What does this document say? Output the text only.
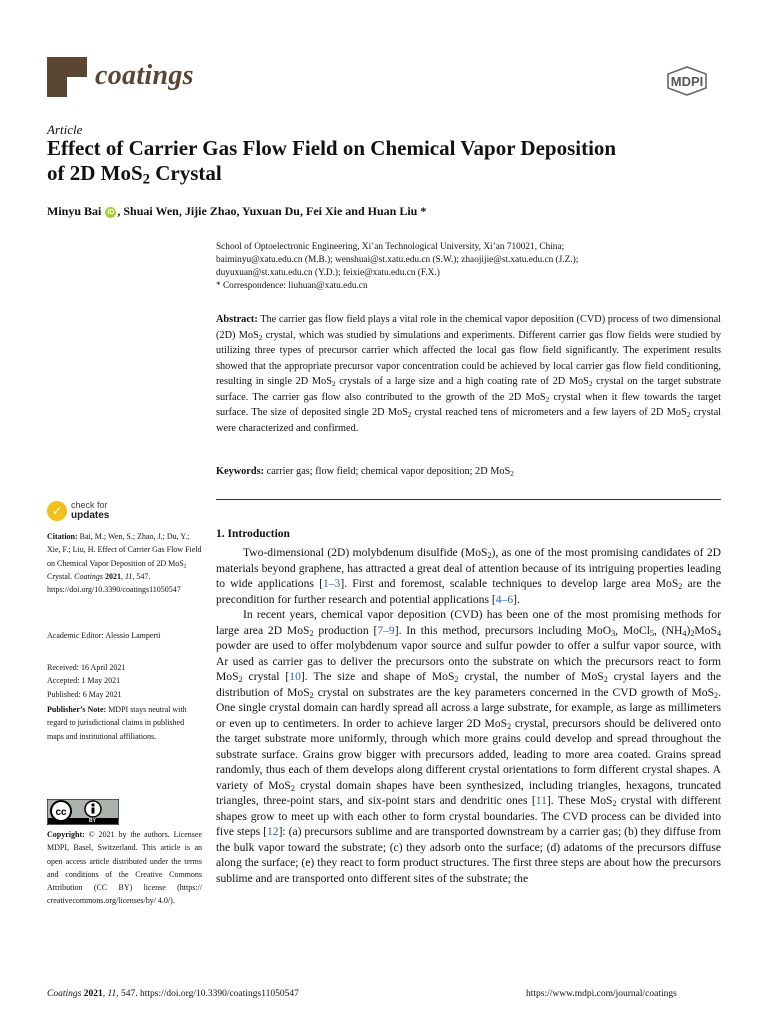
coatings	MDPI
Article
Effect of Carrier Gas Flow Field on Chemical Vapor Deposition
of 2D MoS$_2$ Crystal
Minyu Bai iD , Shuai Wen, Jijie Zhao, Yuxuan Du, Fei Xie and Huan Liu *
School of Optoelectronic Engineering, Xi’an Technological University, Xi’an 710021, China;
baiminyu@xatu.edu.cn (M.B.); wenshuai@st.xatu.edu.cn (S.W.); zhaojijie@st.xatu.edu.cn (J.Z.);
duyuxuan@st.xatu.edu.cn (Y.D.); feixie@xatu.edu.cn (F.X.)
* Correspondence: liuhuan@xatu.edu.cn
Abstract: The carrier gas flow field plays a vital role in the chemical vapor deposition (CVD) process of two dimensional (2D) MoS$_2$ crystal, which was studied by simulations and experiments. Different carrier gas flow fields were studied by utilizing three types of precursor carrier which affected the local gas flow field significantly. The experiment results showed that the appropriate precursor vapor concentration could be achieved by local carrier gas flow field conditioning, resulting in single 2D MoS$_2$ crystals of a large size and a high coating rate of 2D MoS$_2$ crystal on the target substrate surface. The carrier gas flow also contributed to the growth of the 2D MoS$_2$ crystal when it flew towards the target surface. The size of deposited single 2D MoS$_2$ crystal reached tens of micrometers and a few layers of 2D MoS$_2$ crystal were characterized and confirmed.
Keywords: carrier gas; flow field; chemical vapor deposition; 2D MoS$_2$
✓ check for
updates
Citation: Bai, M.; Wen, S.; Zhao, J.; Du, Y.; Xie, F.; Liu, H. Effect of Carrier Gas Flow Field on Chemical Vapor Deposition of 2D MoS$_2$ Crystal. Coatings 2021, 11, 547. https://doi.org/10.3390/coatings11050547
Academic Editor: Alessio Lamperti
Received: 16 April 2021
Accepted: 1 May 2021
Published: 6 May 2021
Publisher’s Note: MDPI stays neutral with regard to jurisdictional claims in published maps and institutional affiliations.
cc
BY
Copyright: © 2021 by the authors. Licensee MDPI, Basel, Switzerland. This article is an open access article distributed under the terms and conditions of the Creative Commons Attribution (CC BY) license (https:// creativecommons.org/licenses/by/ 4.0/).
1. Introduction

Two-dimensional (2D) molybdenum disulfide (MoS$_2$), as one of the most promising candidates of 2D materials beyond graphene, has attracted a great deal of attention because of its intriguing properties leading to wide applications [1–3]. First and foremost, scalable techniques to develop large area MoS$_2$ are the precondition for further research and potential applications [4–6].

In recent years, chemical vapor deposition (CVD) has been one of the most promising methods for large area 2D MoS$_2$ production [7–9]. In this method, precursors including MoO$_3$, MoCl$_5$, $(NH_4)_2MoS_4$ powder are used to offer molybdenum vapor source and sulfur powder to offer a sulfur vapor source, with Ar used as carrier gas to deliver the precursors onto the substrate on which the precursors react to form MoS$_2$ crystal [10]. The size and shape of MoS$_2$ crystal, the number of MoS$_2$ crystal layers and the distribution of MoS$_2$ crystal on substrates are the key parameters concerned in the CVD growth of MoS$_2$. One single crystal domain can hardly spread all across a large substrate, for example, as large as millimeters or even up to centimeters. In order to achieve larger 2D MoS$_2$ crystal, precursors should be delivered onto the target substrate more uniformly, through which more grains could develop and spread throughout the substrate surface. Grains grow bigger with precursors added, leading to more area coated. Grains spread randomly, thus each of them develops along different crystal orientations to form different crystal shapes. A variety of MoS$_2$ crystal domain shapes have been synthesized, including triangles, hexagons, truncated triangles, three-point stars, and six-point stars and dendritic ones [11]. These MoS$_2$ crystal with different shapes grow to meet up with each other to form crystal boundaries. The CVD process can be divided into five steps [12]: (a) precursors sublime and are transported downstream by a carrier gas; (b) they diffuse from the bulk vapor toward the substrate; (c) they adsorb onto the surface; (d) adatoms of the precursors diffuse along the surface; (e) they react to form product structures. The first three steps are about how the precursors sublime and are transported onto different sites of the substrate; the

Coatings 2021, 11, 547. https://doi.org/10.3390/coatings11050547	https://www.mdpi.com/journal/coatings
